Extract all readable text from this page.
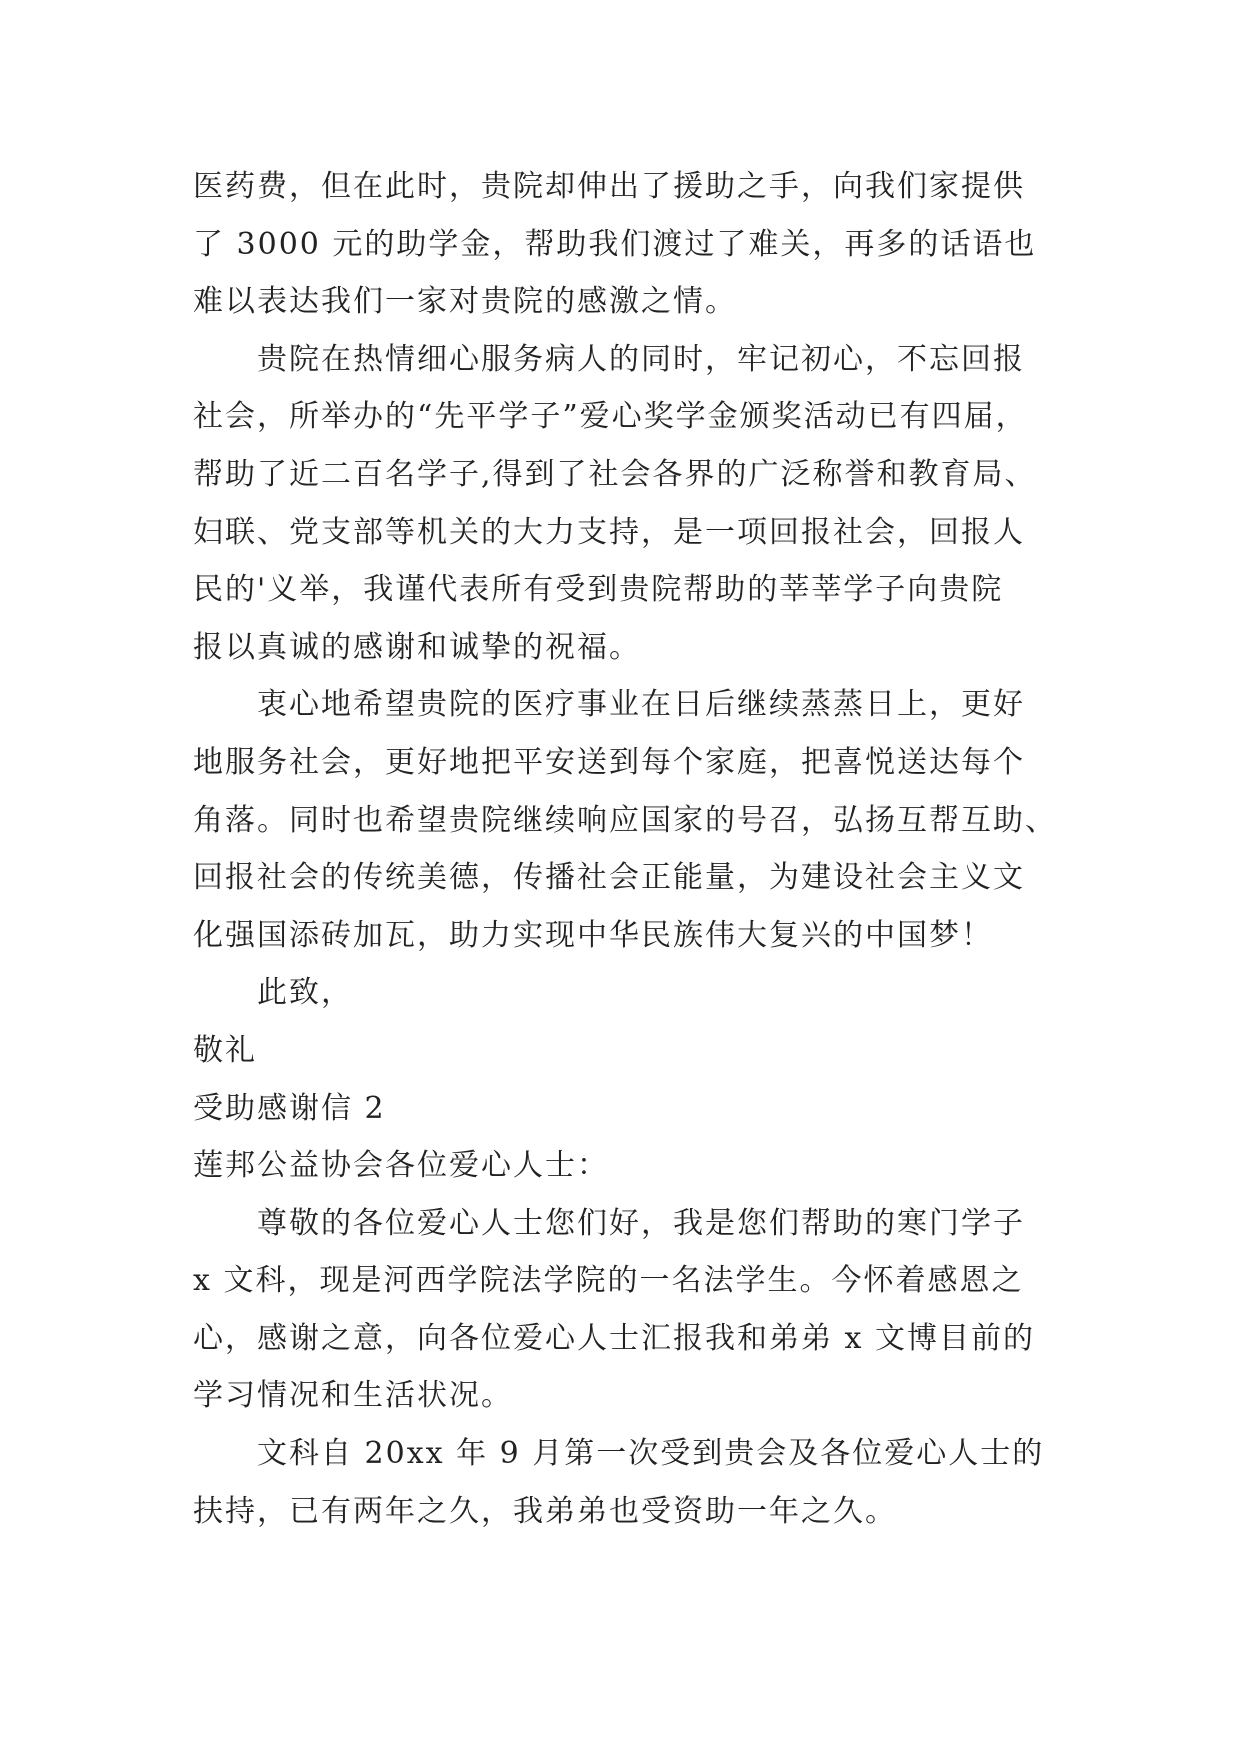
医药费，但在此时，贵院却伸出了援助之手，向我们家提供
了 3000 元的助学金，帮助我们渡过了难关，再多的话语也
难以表达我们一家对贵院的感激之情。
贵院在热情细心服务病人的同时，牢记初心，不忘回报
社会，所举办的“先平学子”爱心奖学金颁奖活动已有四届，
帮助了近二百名学子,得到了社会各界的广泛称誉和教育局、
妇联、党支部等机关的大力支持，是一项回报社会，回报人
民的'义举，我谨代表所有受到贵院帮助的莘莘学子向贵院
报以真诚的感谢和诚挚的祝福。
衷心地希望贵院的医疗事业在日后继续蒸蒸日上，更好
地服务社会，更好地把平安送到每个家庭，把喜悦送达每个
角落。同时也希望贵院继续响应国家的号召，弘扬互帮互助、
回报社会的传统美德，传播社会正能量，为建设社会主义文
化强国添砖加瓦，助力实现中华民族伟大复兴的中国梦！
此致，
敬礼
受助感谢信 2
莲邦公益协会各位爱心人士：
尊敬的各位爱心人士您们好，我是您们帮助的寒门学子
x 文科，现是河西学院法学院的一名法学生。今怀着感恩之
心，感谢之意，向各位爱心人士汇报我和弟弟 x 文博目前的
学习情况和生活状况。
文科自 20xx 年 9 月第一次受到贵会及各位爱心人士的
扶持，已有两年之久，我弟弟也受资助一年之久。
